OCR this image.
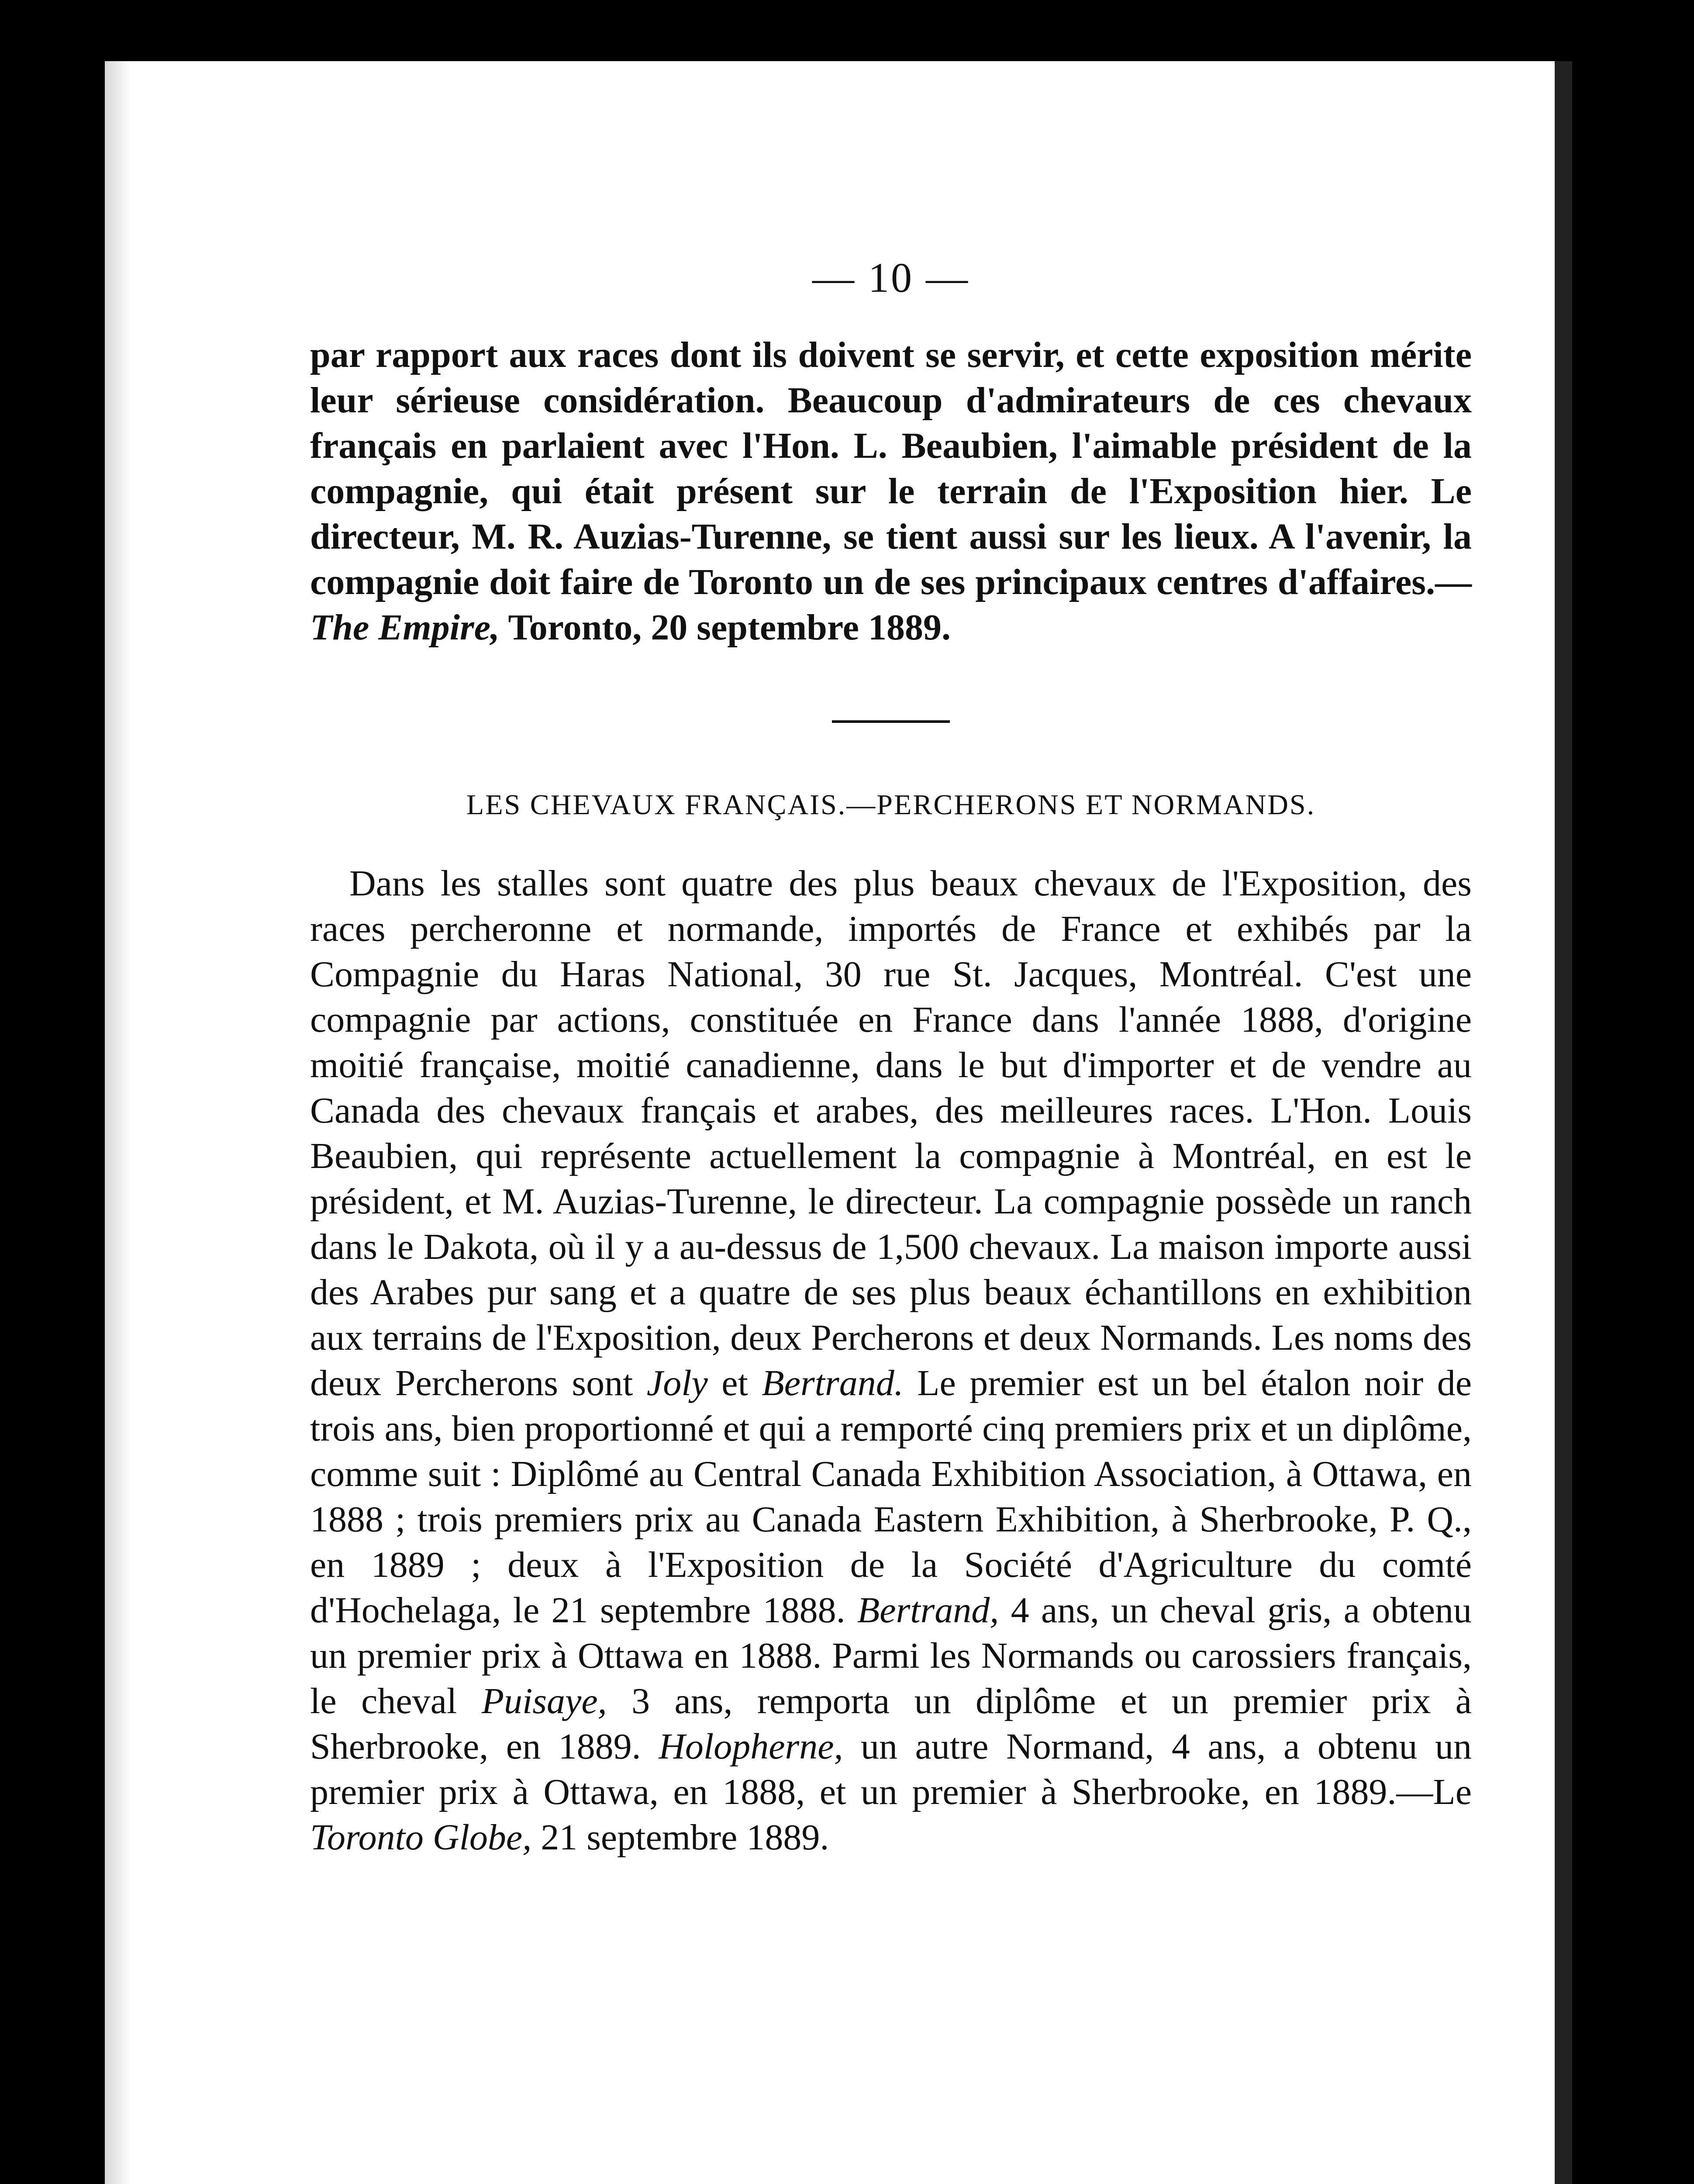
— 10 —

par rapport aux races dont ils doivent se servir, et cette exposition mérite leur sérieuse considération. Beaucoup d'admirateurs de ces chevaux français en parlaient avec l'Hon. L. Beaubien, l'aimable président de la compagnie, qui était présent sur le terrain de l'Exposition hier. Le directeur, M. R. Auzias-Turenne, se tient aussi sur les lieux. A l'avenir, la compagnie doit faire de Toronto un de ses principaux centres d'affaires.—The Empire, Toronto, 20 septembre 1889.

LES CHEVAUX FRANÇAIS.—PERCHERONS ET NORMANDS.

Dans les stalles sont quatre des plus beaux chevaux de l'Exposition, des races percheronne et normande, importés de France et exhibés par la Compagnie du Haras National, 30 rue St. Jacques, Montréal. C'est une compagnie par actions, constituée en France dans l'année 1888, d'origine moitié française, moitié canadienne, dans le but d'importer et de vendre au Canada des chevaux français et arabes, des meilleures races. L'Hon. Louis Beaubien, qui représente actuellement la compagnie à Montréal, en est le président, et M. Auzias-Turenne, le directeur. La compagnie possède un ranch dans le Dakota, où il y a au-dessus de 1,500 chevaux. La maison importe aussi des Arabes pur sang et a quatre de ses plus beaux échantillons en exhibition aux terrains de l'Exposition, deux Percherons et deux Normands. Les noms des deux Percherons sont Joly et Bertrand. Le premier est un bel étalon noir de trois ans, bien proportionné et qui a remporté cinq premiers prix et un diplôme, comme suit : Diplômé au Central Canada Exhibition Association, à Ottawa, en 1888 ; trois premiers prix au Canada Eastern Exhibition, à Sherbrooke, P. Q., en 1889 ; deux à l'Exposition de la Société d'Agriculture du comté d'Hochelaga, le 21 septembre 1888. Bertrand, 4 ans, un cheval gris, a obtenu un premier prix à Ottawa en 1888. Parmi les Normands ou carossiers français, le cheval Puisaye, 3 ans, remporta un diplôme et un premier prix à Sherbrooke, en 1889. Holopherne, un autre Normand, 4 ans, a obtenu un premier prix à Ottawa, en 1888, et un premier à Sherbrooke, en 1889.—Le Toronto Globe, 21 septembre 1889.
